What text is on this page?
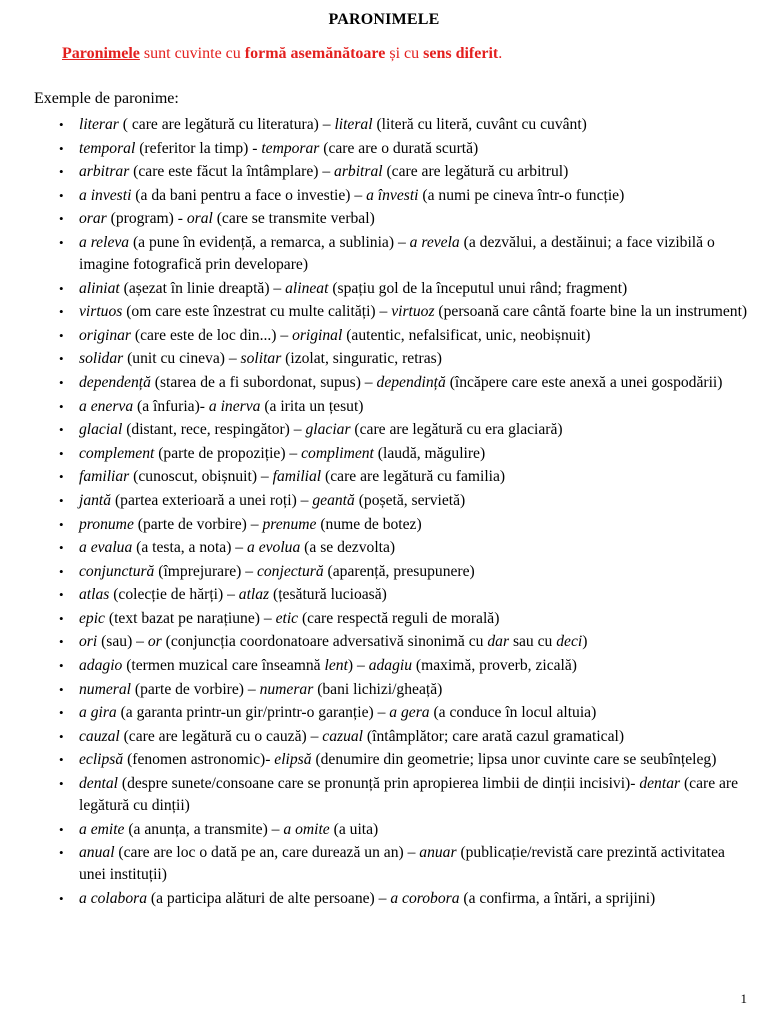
PARONIMELE
Paronimele sunt cuvinte cu formă asemănătoare și cu sens diferit.
Exemple de paronime:
• literar ( care are legătură cu literatura) – literal (literă cu literă, cuvânt cu cuvânt)
• temporal (referitor la timp) - temporar (care are o durată scurtă)
• arbitrar (care este făcut la întâmplare) – arbitral (care are legătură cu arbitrul)
• a investi (a da bani pentru a face o investie) – a învesti (a numi pe cineva într-o funcție)
• orar (program) - oral (care se transmite verbal)
• a releva (a pune în evidență, a remarca, a sublinia) – a revela (a dezvălui, a destăinui; a face vizibilă o imagine fotografică prin developare)
• aliniat (așezat în linie dreaptă) – alineat (spațiu gol de la începutul unui rând; fragment)
• virtuos (om care este înzestrat cu multe calități) – virtuoz (persoană care cântă foarte bine la un instrument)
• originar (care este de loc din...) – original (autentic, nefalsificat, unic, neobișnuit)
• solidar (unit cu cineva) – solitar (izolat, singuratic, retras)
• dependență (starea de a fi subordonat, supus) – dependință (încăpere care este anexă a unei gospodării)
• a enerva (a înfuria)- a inerva (a irita un țesut)
• glacial (distant, rece, respingător) – glaciar (care are legătură cu era glaciară)
• complement (parte de propoziție) – compliment (laudă, măgulire)
• familiar (cunoscut, obișnuit) – familial (care are legătură cu familia)
• jantă (partea exterioară a unei roți) – geantă (poșetă, servietă)
• pronume (parte de vorbire) – prenume (nume de botez)
• a evalua (a testa, a nota) – a evolua (a se dezvolta)
• conjunctură (împrejurare) – conjectură (aparență, presupunere)
• atlas (colecție de hărți) – atlaz (țesătură lucioasă)
• epic (text bazat pe narațiune) – etic (care respectă reguli de morală)
• ori (sau) – or (conjuncția coordonatoare adversativă sinonimă cu dar sau cu deci)
• adagio (termen muzical care înseamnă lent) – adagiu (maximă, proverb, zicală)
• numeral (parte de vorbire) – numerar (bani lichizi/gheață)
• a gira (a garanta printr-un gir/printr-o garanție) – a gera (a conduce în locul altuia)
• cauzal (care are legătură cu o cauză) – cazual (întâmplător; care arată cazul gramatical)
• eclipsă (fenomen astronomic)- elipsă (denumire din geometrie; lipsa unor cuvinte care se seubînțeleg)
• dental (despre sunete/consoane care se pronunță prin apropierea limbii de dinții incisivi)- dentar (care are legătură cu dinții)
• a emite (a anunța, a transmite) – a omite (a uita)
• anual (care are loc o dată pe an, care durează un an) – anuar (publicație/revistă care prezintă activitatea unei instituții)
• a colabora (a participa alături de alte persoane) – a corobora (a confirma, a întări, a sprijini)
1
